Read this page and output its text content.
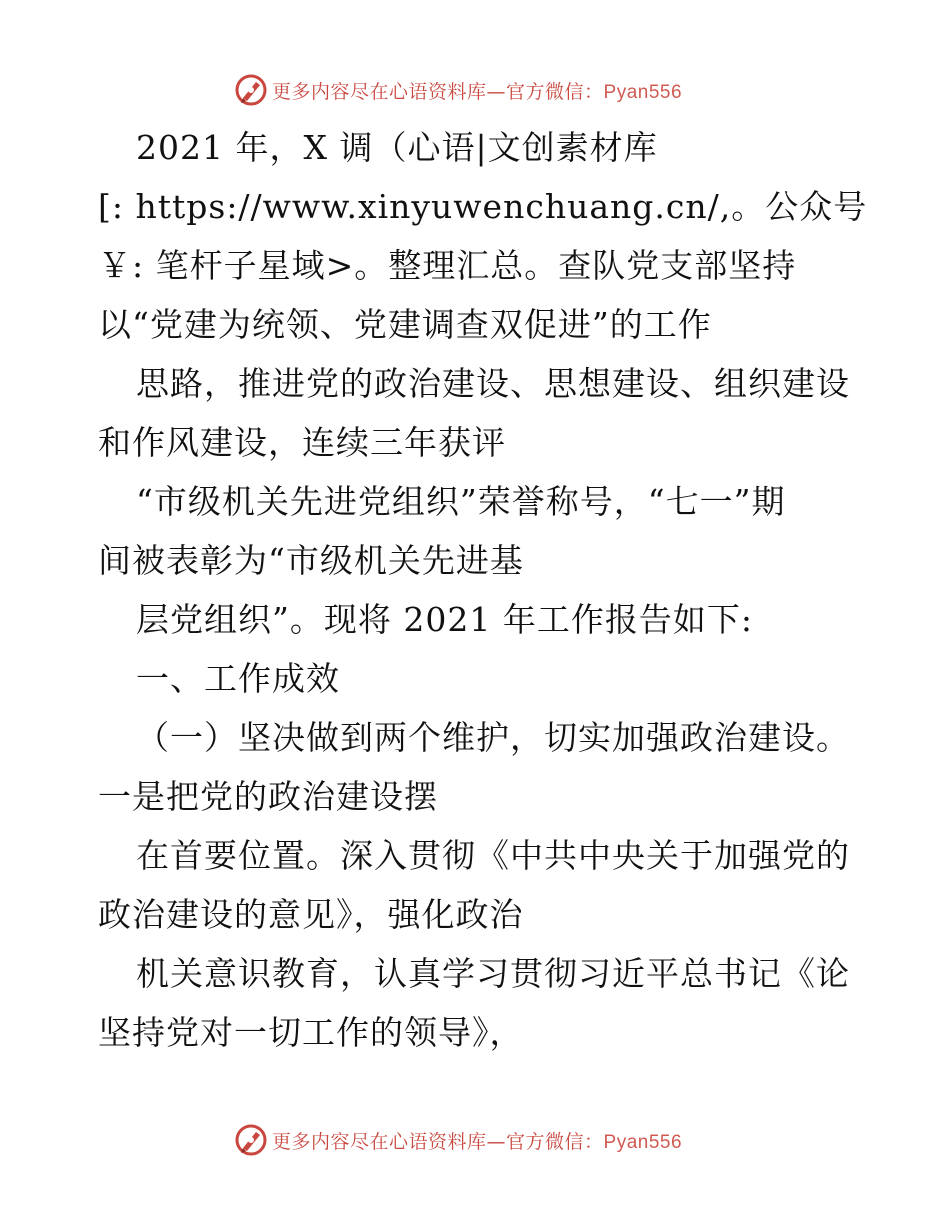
更多内容尽在心语资料库—官方微信：Pyan556
2021 年，X 调（心语|文创素材库
[: https://www.xinyuwenchuang.cn/,。公众号
￥: 笔杆子星域>。整理汇总。查队党支部坚持
以“党建为统领、党建调查双促进”的工作
思路，推进党的政治建设、思想建设、组织建设
和作风建设，连续三年获评
“市级机关先进党组织”荣誉称号，“七一”期
间被表彰为“市级机关先进基
层党组织”。现将 2021 年工作报告如下:
一、工作成效
（一）坚决做到两个维护，切实加强政治建设。
一是把党的政治建设摆
在首要位置。深入贯彻《中共中央关于加强党的
政治建设的意见》，强化政治
机关意识教育，认真学习贯彻习近平总书记《论
坚持党对一切工作的领导》，
更多内容尽在心语资料库—官方微信：Pyan556
